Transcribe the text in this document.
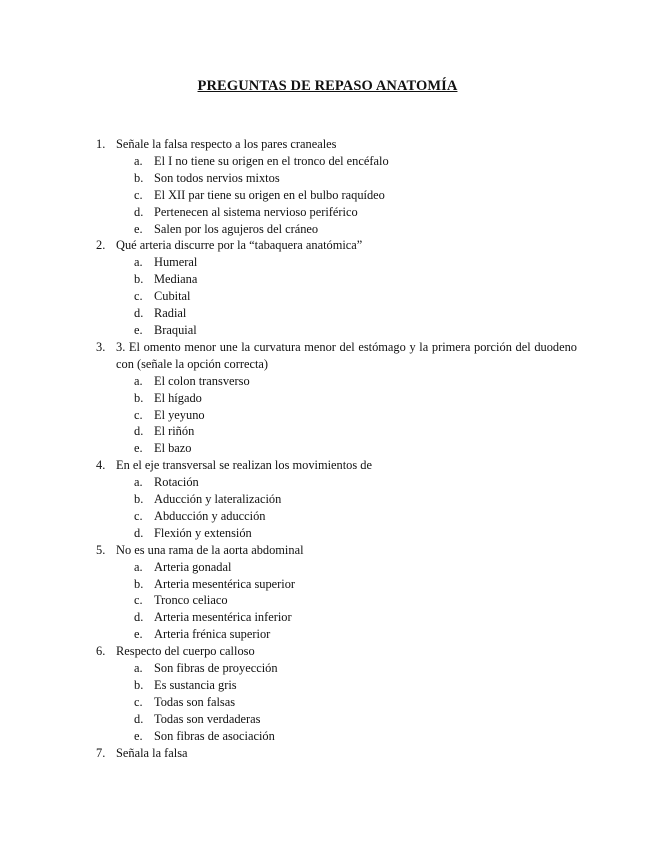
PREGUNTAS DE REPASO ANATOMÍA
1. Señale la falsa respecto a los pares craneales
a. El I no tiene su origen en el tronco del encéfalo
b. Son todos nervios mixtos
c. El XII par tiene su origen en el bulbo raquídeo
d. Pertenecen al sistema nervioso periférico
e. Salen por los agujeros del cráneo
2. Qué arteria discurre por la “tabaquera anatómica”
a. Humeral
b. Mediana
c. Cubital
d. Radial
e. Braquial
3. 3. El omento menor une la curvatura menor del estómago y la primera porción del duodeno con (señale la opción correcta)
a. El colon transverso
b. El hígado
c. El yeyuno
d. El riñón
e. El bazo
4. En el eje transversal se realizan los movimientos de
a. Rotación
b. Aducción y lateralización
c. Abducción y aducción
d. Flexión y extensión
5. No es una rama de la aorta abdominal
a. Arteria gonadal
b. Arteria mesentérica superior
c. Tronco celiaco
d. Arteria mesentérica inferior
e. Arteria frénica superior
6. Respecto del cuerpo calloso
a. Son fibras de proyección
b. Es sustancia gris
c. Todas son falsas
d. Todas son verdaderas
e. Son fibras de asociación
7. Señala la falsa
